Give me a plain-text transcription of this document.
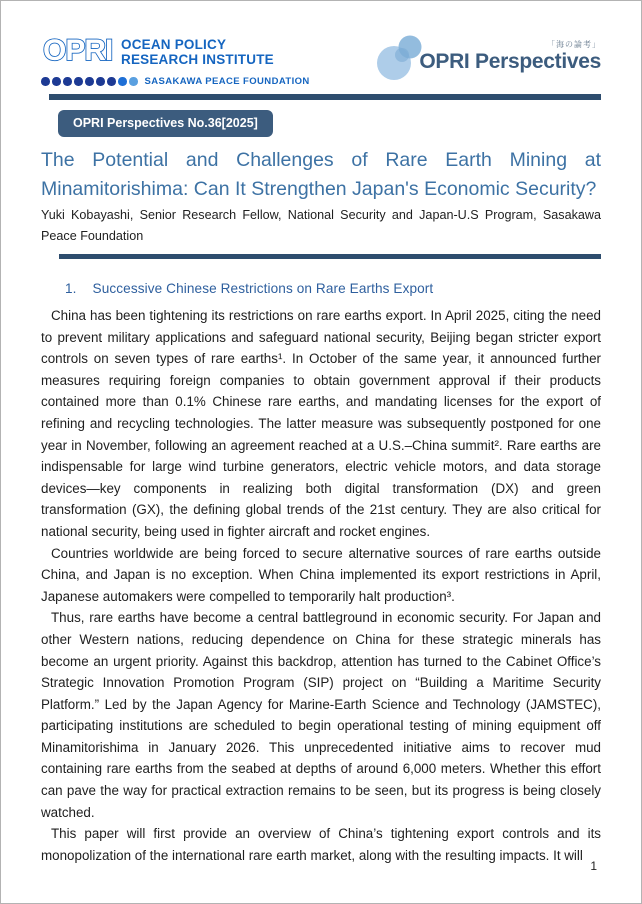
OPRI OCEAN POLICY
RESEARCH INSTITUTE
SASAKAWA PEACE FOUNDATION
「海の論考」
OPRI Perspectives
OPRI Perspectives No.36[2025]
The Potential and Challenges of Rare Earth Mining at Minamitorishima: Can It Strengthen Japan's Economic Security?

Yuki Kobayashi, Senior Research Fellow, National Security and Japan-U.S Program, Sasakawa Peace Foundation

1. Successive Chinese Restrictions on Rare Earths Export

China has been tightening its restrictions on rare earths export. In April 2025, citing the need to prevent military applications and safeguard national security, Beijing began stricter export controls on seven types of rare earths¹. In October of the same year, it announced further measures requiring foreign companies to obtain government approval if their products contained more than 0.1% Chinese rare earths, and mandating licenses for the export of refining and recycling technologies. The latter measure was subsequently postponed for one year in November, following an agreement reached at a U.S.–China summit². Rare earths are indispensable for large wind turbine generators, electric vehicle motors, and data storage devices—key components in realizing both digital transformation (DX) and green transformation (GX), the defining global trends of the 21st century. They are also critical for national security, being used in fighter aircraft and rocket engines.

Countries worldwide are being forced to secure alternative sources of rare earths outside China, and Japan is no exception. When China implemented its export restrictions in April, Japanese automakers were compelled to temporarily halt production³.

Thus, rare earths have become a central battleground in economic security. For Japan and other Western nations, reducing dependence on China for these strategic minerals has become an urgent priority. Against this backdrop, attention has turned to the Cabinet Office’s Strategic Innovation Promotion Program (SIP) project on “Building a Maritime Security Platform.” Led by the Japan Agency for Marine-Earth Science and Technology (JAMSTEC), participating institutions are scheduled to begin operational testing of mining equipment off Minamitorishima in January 2026. This unprecedented initiative aims to recover mud containing rare earths from the seabed at depths of around 6,000 meters. Whether this effort can pave the way for practical extraction remains to be seen, but its progress is being closely watched.

This paper will first provide an overview of China’s tightening export controls and its monopolization of the international rare earth market, along with the resulting impacts. It will

1
